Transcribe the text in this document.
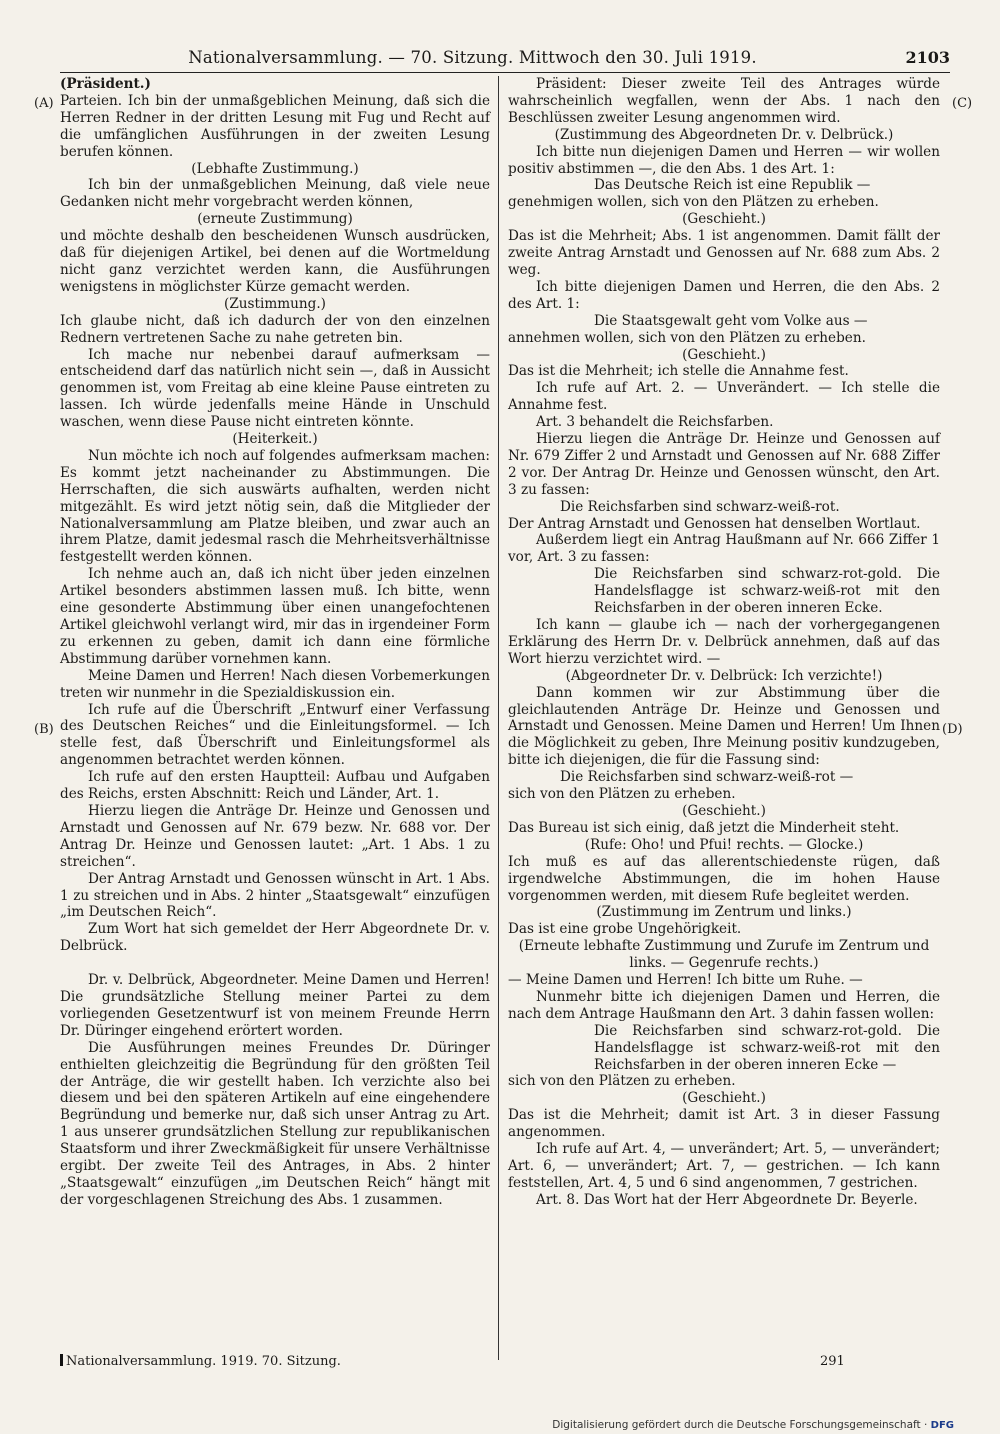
Nationalversammlung. — 70. Sitzung. Mittwoch den 30. Juli 1919.	2103
(A)
(B)
(C)
(D)

(Präsident.)

Parteien. Ich bin der unmaßgeblichen Meinung, daß sich die Herren Redner in der dritten Lesung mit Fug und Recht auf die umfänglichen Ausführungen in der zweiten Lesung berufen können.

(Lebhafte Zustimmung.)

Ich bin der unmaßgeblichen Meinung, daß viele neue Gedanken nicht mehr vorgebracht werden können,

(erneute Zustimmung)

und möchte deshalb den bescheidenen Wunsch ausdrücken, daß für diejenigen Artikel, bei denen auf die Wortmeldung nicht ganz verzichtet werden kann, die Ausführungen wenigstens in möglichster Kürze gemacht werden.

(Zustimmung.)

Ich glaube nicht, daß ich dadurch der von den einzelnen Rednern vertretenen Sache zu nahe getreten bin.

Ich mache nur nebenbei darauf aufmerksam — entscheidend darf das natürlich nicht sein —, daß in Aussicht genommen ist, vom Freitag ab eine kleine Pause eintreten zu lassen. Ich würde jedenfalls meine Hände in Unschuld waschen, wenn diese Pause nicht eintreten könnte.

(Heiterkeit.)

Nun möchte ich noch auf folgendes aufmerksam machen: Es kommt jetzt nacheinander zu Abstimmungen. Die Herrschaften, die sich auswärts aufhalten, werden nicht mitgezählt. Es wird jetzt nötig sein, daß die Mitglieder der Nationalversammlung am Platze bleiben, und zwar auch an ihrem Platze, damit jedesmal rasch die Mehrheitsverhältnisse festgestellt werden können.

Ich nehme auch an, daß ich nicht über jeden einzelnen Artikel besonders abstimmen lassen muß. Ich bitte, wenn eine gesonderte Abstimmung über einen unangefochtenen Artikel gleichwohl verlangt wird, mir das in irgendeiner Form zu erkennen zu geben, damit ich dann eine förmliche Abstimmung darüber vornehmen kann.

Meine Damen und Herren! Nach diesen Vorbemerkungen treten wir nunmehr in die Spezialdiskussion ein.

Ich rufe auf die Überschrift „Entwurf einer Verfassung des Deutschen Reiches“ und die Einleitungsformel. — Ich stelle fest, daß Überschrift und Einleitungsformel als angenommen betrachtet werden können.

Ich rufe auf den ersten Hauptteil: Aufbau und Aufgaben des Reichs, ersten Abschnitt: Reich und Länder, Art. 1.

Hierzu liegen die Anträge Dr. Heinze und Genossen und Arnstadt und Genossen auf Nr. 679 bezw. Nr. 688 vor. Der Antrag Dr. Heinze und Genossen lautet: „Art. 1 Abs. 1 zu streichen“.

Der Antrag Arnstadt und Genossen wünscht in Art. 1 Abs. 1 zu streichen und in Abs. 2 hinter „Staatsgewalt“ einzufügen „im Deutschen Reich“.

Zum Wort hat sich gemeldet der Herr Abgeordnete Dr. v. Delbrück.

Dr. v. Delbrück, Abgeordneter. Meine Damen und Herren! Die grundsätzliche Stellung meiner Partei zu dem vorliegenden Gesetzentwurf ist von meinem Freunde Herrn Dr. Düringer eingehend erörtert worden.

Die Ausführungen meines Freundes Dr. Düringer enthielten gleichzeitig die Begründung für den größten Teil der Anträge, die wir gestellt haben. Ich verzichte also bei diesem und bei den späteren Artikeln auf eine eingehendere Begründung und bemerke nur, daß sich unser Antrag zu Art. 1 aus unserer grundsätzlichen Stellung zur republikanischen Staatsform und ihrer Zweckmäßigkeit für unsere Verhältnisse ergibt. Der zweite Teil des Antrages, in Abs. 2 hinter „Staatsgewalt“ einzufügen „im Deutschen Reich“ hängt mit der vorgeschlagenen Streichung des Abs. 1 zusammen.

Präsident: Dieser zweite Teil des Antrages würde wahrscheinlich wegfallen, wenn der Abs. 1 nach den Beschlüssen zweiter Lesung angenommen wird.

(Zustimmung des Abgeordneten Dr. v. Delbrück.)

Ich bitte nun diejenigen Damen und Herren — wir wollen positiv abstimmen —, die den Abs. 1 des Art. 1:

Das Deutsche Reich ist eine Republik —

genehmigen wollen, sich von den Plätzen zu erheben.

(Geschieht.)

Das ist die Mehrheit; Abs. 1 ist angenommen. Damit fällt der zweite Antrag Arnstadt und Genossen auf Nr. 688 zum Abs. 2 weg.

Ich bitte diejenigen Damen und Herren, die den Abs. 2 des Art. 1:

Die Staatsgewalt geht vom Volke aus —

annehmen wollen, sich von den Plätzen zu erheben.

(Geschieht.)

Das ist die Mehrheit; ich stelle die Annahme fest.

Ich rufe auf Art. 2. — Unverändert. — Ich stelle die Annahme fest.

Art. 3 behandelt die Reichsfarben.

Hierzu liegen die Anträge Dr. Heinze und Genossen auf Nr. 679 Ziffer 2 und Arnstadt und Genossen auf Nr. 688 Ziffer 2 vor. Der Antrag Dr. Heinze und Genossen wünscht, den Art. 3 zu fassen:

Die Reichsfarben sind schwarz-weiß-rot.

Der Antrag Arnstadt und Genossen hat denselben Wortlaut.

Außerdem liegt ein Antrag Haußmann auf Nr. 666 Ziffer 1 vor, Art. 3 zu fassen:

Die Reichsfarben sind schwarz-rot-gold. Die Handelsflagge ist schwarz-weiß-rot mit den Reichsfarben in der oberen inneren Ecke.

Ich kann — glaube ich — nach der vorhergegangenen Erklärung des Herrn Dr. v. Delbrück annehmen, daß auf das Wort hierzu verzichtet wird. —

(Abgeordneter Dr. v. Delbrück: Ich verzichte!)

Dann kommen wir zur Abstimmung über die gleichlautenden Anträge Dr. Heinze und Genossen und Arnstadt und Genossen. Meine Damen und Herren! Um Ihnen die Möglichkeit zu geben, Ihre Meinung positiv kundzugeben, bitte ich diejenigen, die für die Fassung sind:

Die Reichsfarben sind schwarz-weiß-rot —

sich von den Plätzen zu erheben.

(Geschieht.)

Das Bureau ist sich einig, daß jetzt die Minderheit steht.

(Rufe: Oho! und Pfui! rechts. — Glocke.)

Ich muß es auf das allerentschiedenste rügen, daß irgendwelche Abstimmungen, die im hohen Hause vorgenommen werden, mit diesem Rufe begleitet werden.

(Zustimmung im Zentrum und links.)

Das ist eine grobe Ungehörigkeit.

(Erneute lebhafte Zustimmung und Zurufe im Zentrum und links. — Gegenrufe rechts.)

— Meine Damen und Herren! Ich bitte um Ruhe. —

Nunmehr bitte ich diejenigen Damen und Herren, die nach dem Antrage Haußmann den Art. 3 dahin fassen wollen:

Die Reichsfarben sind schwarz-rot-gold. Die Handelsflagge ist schwarz-weiß-rot mit den Reichsfarben in der oberen inneren Ecke —

sich von den Plätzen zu erheben.

(Geschieht.)

Das ist die Mehrheit; damit ist Art. 3 in dieser Fassung angenommen.

Ich rufe auf Art. 4, — unverändert; Art. 5, — unverändert; Art. 6, — unverändert; Art. 7, — gestrichen. — Ich kann feststellen, Art. 4, 5 und 6 sind angenommen, 7 gestrichen.

Art. 8. Das Wort hat der Herr Abgeordnete Dr. Beyerle.

Nationalversammlung. 1919. 70. Sitzung.	291
Digitalisierung gefördert durch die Deutsche Forschungsgemeinschaft · DFG
